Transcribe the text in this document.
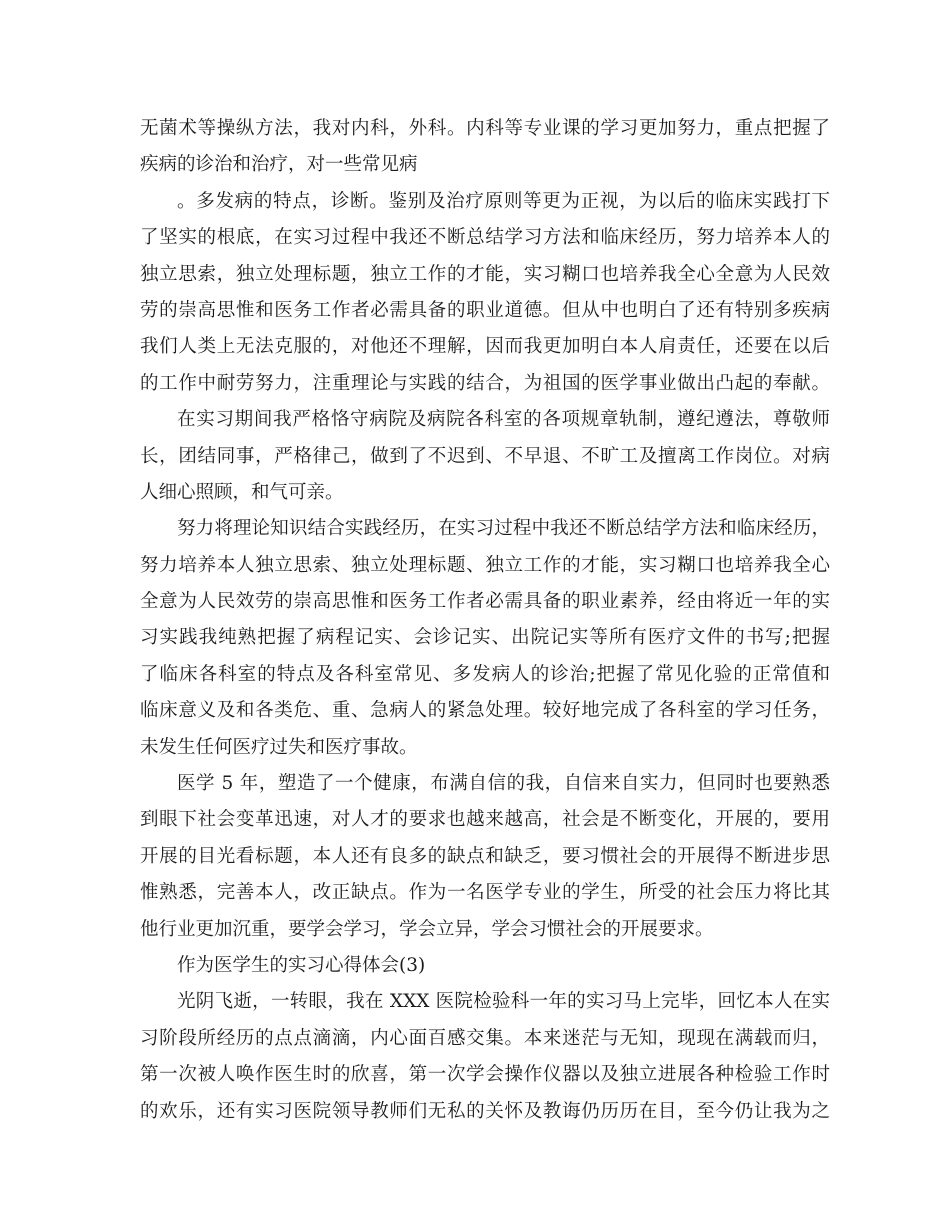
无菌术等操纵方法，我对内科，外科。内科等专业课的学习更加努力，重点把握了
疾病的诊治和治疗，对一些常见病
。多发病的特点，诊断。鉴别及治疗原则等更为正视，为以后的临床实践打下
了坚实的根底，在实习过程中我还不断总结学习方法和临床经历，努力培养本人的
独立思索，独立处理标题，独立工作的才能，实习糊口也培养我全心全意为人民效
劳的崇高思惟和医务工作者必需具备的职业道德。但从中也明白了还有特别多疾病
我们人类上无法克服的，对他还不理解，因而我更加明白本人肩责任，还要在以后
的工作中耐劳努力，注重理论与实践的结合，为祖国的医学事业做出凸起的奉献。
在实习期间我严格恪守病院及病院各科室的各项规章轨制，遵纪遵法，尊敬师
长，团结同事，严格律己，做到了不迟到、不早退、不旷工及擅离工作岗位。对病
人细心照顾，和气可亲。
努力将理论知识结合实践经历，在实习过程中我还不断总结学方法和临床经历，
努力培养本人独立思索、独立处理标题、独立工作的才能，实习糊口也培养我全心
全意为人民效劳的崇高思惟和医务工作者必需具备的职业素养，经由将近一年的实
习实践我纯熟把握了病程记实、会诊记实、出院记实等所有医疗文件的书写;把握
了临床各科室的特点及各科室常见、多发病人的诊治;把握了常见化验的正常值和
临床意义及和各类危、重、急病人的紧急处理。较好地完成了各科室的学习任务，
未发生任何医疗过失和医疗事故。
医学 5 年，塑造了一个健康，布满自信的我，自信来自实力，但同时也要熟悉
到眼下社会变革迅速，对人才的要求也越来越高，社会是不断变化，开展的，要用
开展的目光看标题，本人还有良多的缺点和缺乏，要习惯社会的开展得不断进步思
惟熟悉，完善本人，改正缺点。作为一名医学专业的学生，所受的社会压力将比其
他行业更加沉重，要学会学习，学会立异，学会习惯社会的开展要求。
作为医学生的实习心得体会(3)
光阴飞逝，一转眼，我在 XXX 医院检验科一年的实习马上完毕，回忆本人在实
习阶段所经历的点点滴滴，内心面百感交集。本来迷茫与无知，现现在满载而归，
第一次被人唤作医生时的欣喜，第一次学会操作仪器以及独立进展各种检验工作时
的欢乐，还有实习医院领导教师们无私的关怀及教诲仍历历在目，至今仍让我为之
